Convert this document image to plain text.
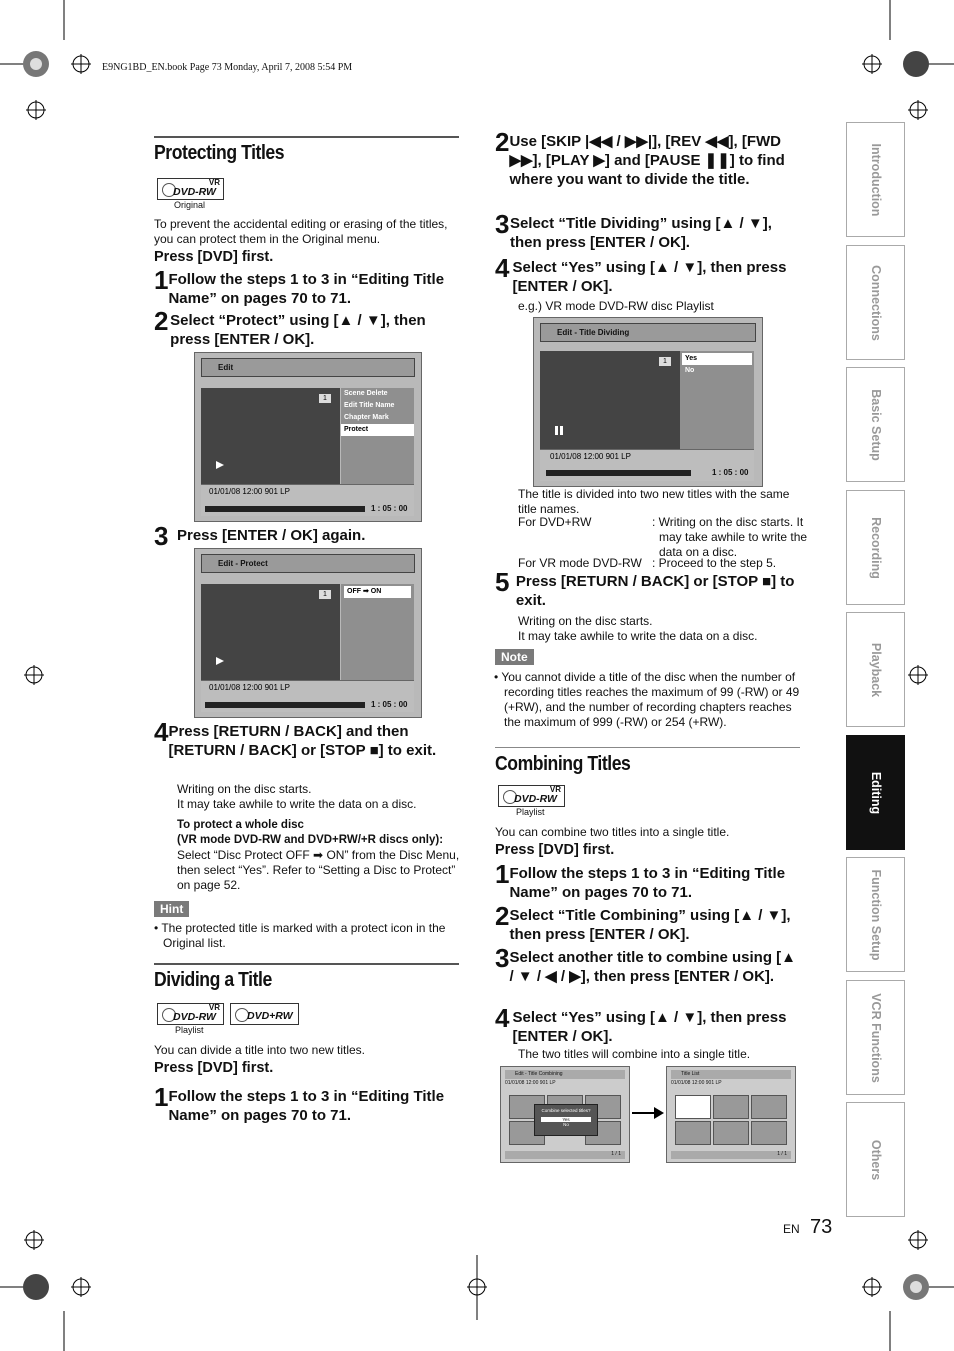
E9NG1BD_EN.book Page 73 Monday, April 7, 2008 5:54 PM
Protecting Titles
VR
DVD-RW
Original
To prevent the accidental editing or erasing of the titles, you can protect them in the Original menu.
Press [DVD] first.
1 Follow the steps 1 to 3 in “Editing Title Name” on pages 70 to 71.
2 Select “Protect” using [▲ / ▼], then press [ENTER / OK].
Edit
1
Scene Delete
Edit Title Name
Chapter Mark
Protect
01/01/08 12:00 901 LP
1 : 05 : 00
3 Press [ENTER / OK] again.
Edit - Protect
1	OFF ➡ ON
01/01/08 12:00 901 LP
1 : 05 : 00
4 Press [RETURN / BACK] and then [RETURN / BACK] or [STOP ■] to exit.
Writing on the disc starts.
It may take awhile to write the data on a disc.
To protect a whole disc
(VR mode DVD-RW and DVD+RW/+R discs only):
Select “Disc Protect OFF ➡ ON” from the Disc Menu, then select “Yes”. Refer to “Setting a Disc to Protect” on page 52.
Hint
• The protected title is marked with a protect icon in the Original list.
Dividing a Title
VR
DVD-RW
Playlist
DVD+RW
You can divide a title into two new titles.
Press [DVD] first.
1 Follow the steps 1 to 3 in “Editing Title Name” on pages 70 to 71.
2 Use [SKIP |◀◀ / ▶▶|], [REV ◀◀], [FWD ▶▶], [PLAY ▶] and [PAUSE ❚❚] to find where you want to divide the title.
3 Select “Title Dividing” using [▲ / ▼], then press [ENTER / OK].
4 Select “Yes” using [▲ / ▼], then press [ENTER / OK].
e.g.) VR mode DVD-RW disc Playlist
Edit - Title Dividing
1	Yes
No
01/01/08 12:00 901 LP
1 : 05 : 00
The title is divided into two new titles with the same title names.
For DVD+RW	: Writing on the disc starts. It may take awhile to write the data on a disc.
For VR mode DVD-RW : Proceed to the step 5.
5 Press [RETURN / BACK] or [STOP ■] to exit.
Writing on the disc starts.
It may take awhile to write the data on a disc.
Note
• You cannot divide a title of the disc when the number of recording titles reaches the maximum of 99 (-RW) or 49 (+RW), and the number of recording chapters reaches the maximum of 999 (-RW) or 254 (+RW).
Combining Titles
VR
DVD-RW
Playlist
You can combine two titles into a single title.
Press [DVD] first.
1 Follow the steps 1 to 3 in “Editing Title Name” on pages 70 to 71.
2 Select “Title Combining” using [▲ / ▼], then press [ENTER / OK].
3 Select another title to combine using [▲ / ▼ / ◀ / ▶], then press [ENTER / OK].
4 Select “Yes” using [▲ / ▼], then press [ENTER / OK].
The two titles will combine into a single title.
Edit - Title Combining
01/01/08 12:00 901 LP
Combine selected titles?
Yes
No
1 / 1
Title List
01/01/08 12:00 901 LP
1 / 1
Introduction
Connections
Basic Setup
Recording
Playback
Editing
Function Setup
VCR Functions
Others
EN 73
